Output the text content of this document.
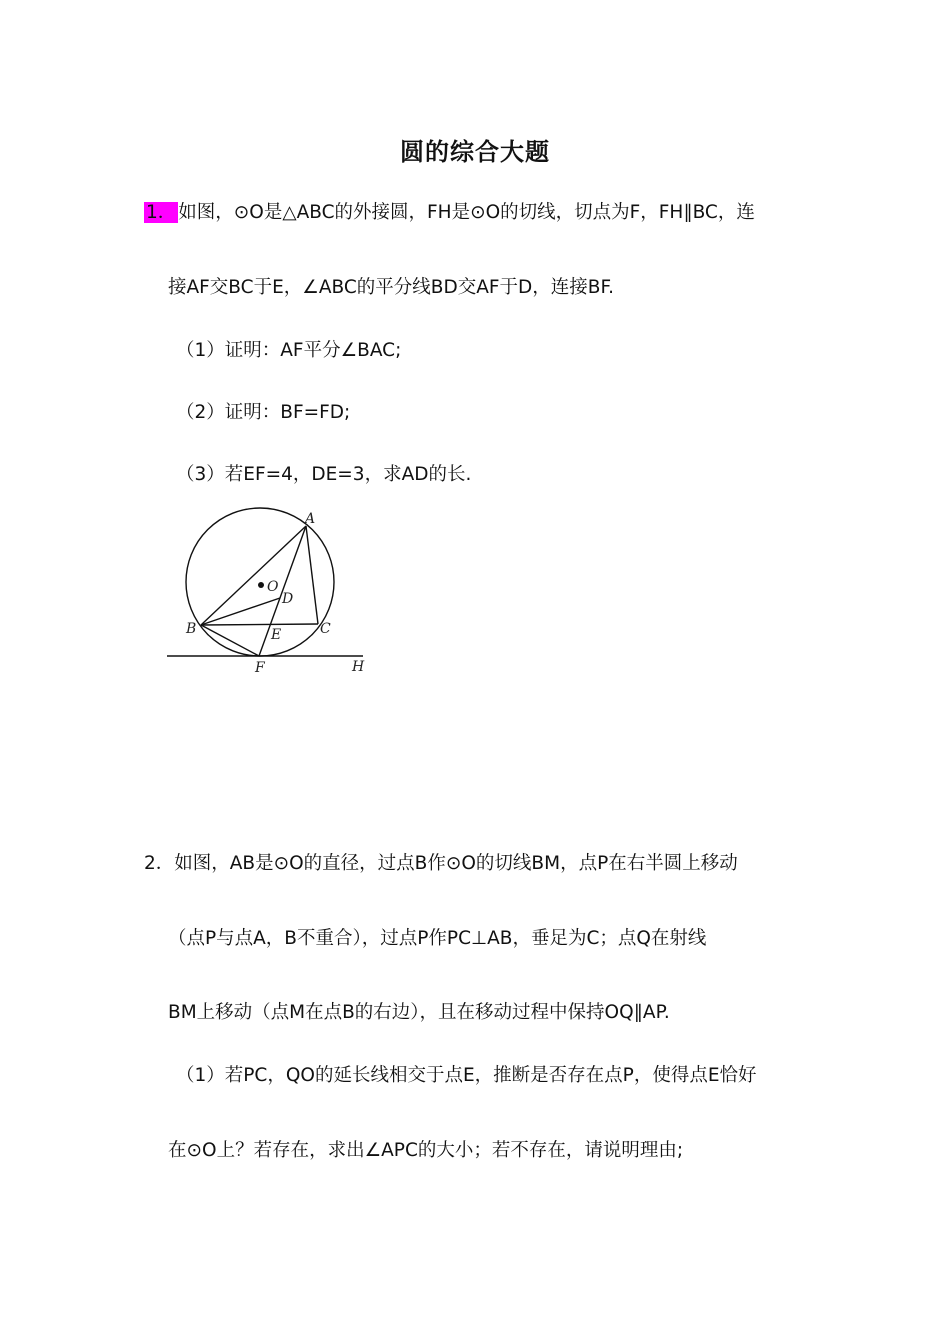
圆的综合大题
1． 如图，⊙O是△ABC的外接圆，FH是⊙O的切线，切点为F，FH∥BC，连
接AF交BC于E，∠ABC的平分线BD交AF于D，连接BF.
（1）证明：AF平分∠BAC;
（2）证明：BF=FD;
（3）若EF=4，DE=3，求AD的长.
A
O
D
B	C
E
F	H
2．如图，AB是⊙O的直径，过点B作⊙O的切线BM，点P在右半圆上移动
（点P与点A，B不重合），过点P作PC⊥AB，垂足为C；点Q在射线
BM上移动（点M在点B的右边），且在移动过程中保持OQ∥AP.
（1）若PC，QO的延长线相交于点E，推断是否存在点P，使得点E恰好
在⊙O上？若存在，求出∠APC的大小；若不存在，请说明理由;
